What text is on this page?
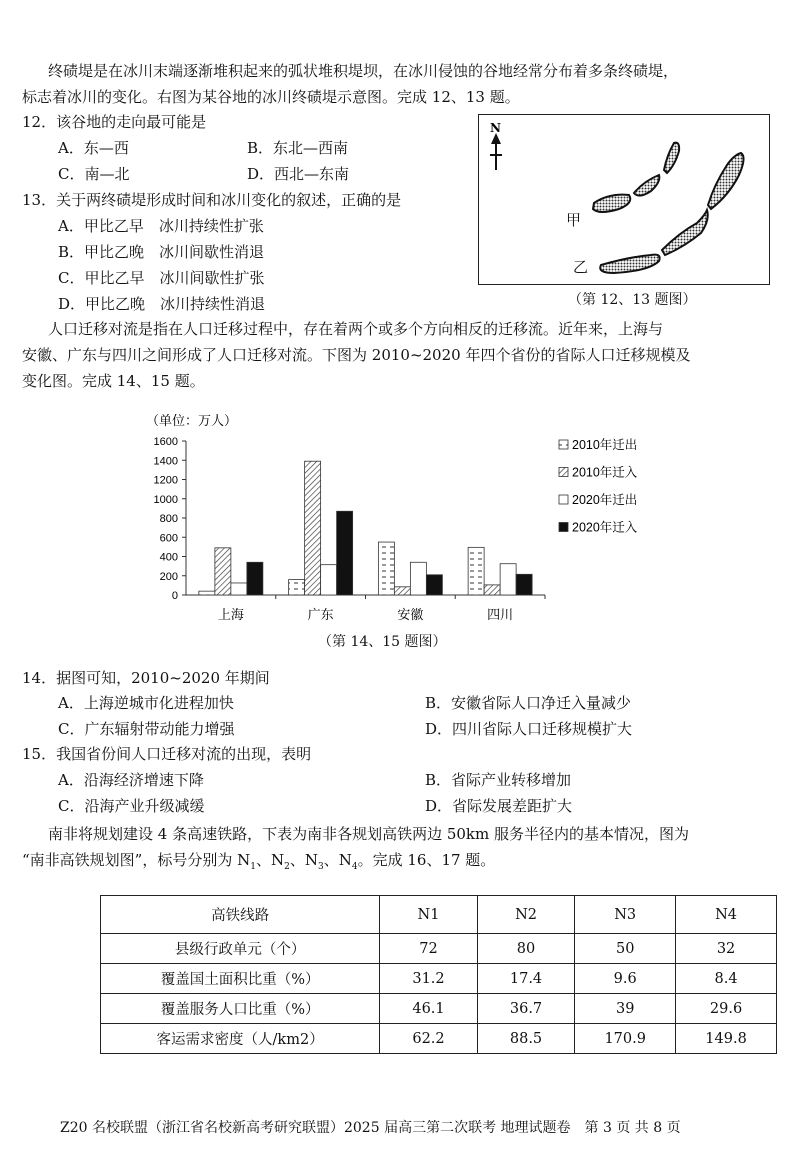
终碛堤是在冰川末端逐渐堆积起来的弧状堆积堤坝，在冰川侵蚀的谷地经常分布着多条终碛堤，
标志着冰川的变化。右图为某谷地的冰川终碛堤示意图。完成 12、13 题。
12．该谷地的走向最可能是
A．东—西	B．东北—西南
C．南—北	D．西北—东南
13．关于两终碛堤形成时间和冰川变化的叙述，正确的是
A．甲比乙早　冰川持续性扩张
B．甲比乙晚　冰川间歇性消退
C．甲比乙早　冰川间歇性扩张
D．甲比乙晚　冰川持续性消退
N
甲
乙
（第 12、13 题图）
人口迁移对流是指在人口迁移过程中，存在着两个或多个方向相反的迁移流。近年来，上海与
安徽、广东与四川之间形成了人口迁移对流。下图为 2010~2020 年四个省份的省际人口迁移规模及
变化图。完成 14、15 题。
（单位：万人）
0
200
400
600
800
1000
1200
1400
1600
上海	广东	安徽	四川
2010年迁出
2010年迁入
2020年迁出
2020年迁入
（第 14、15 题图）
14．据图可知，2010~2020 年期间
A．上海逆城市化进程加快	B．安徽省际人口净迁入量减少
C．广东辐射带动能力增强	D．四川省际人口迁移规模扩大
15．我国省份间人口迁移对流的出现，表明
A．沿海经济增速下降	B．省际产业转移增加
C．沿海产业升级减缓	D．省际发展差距扩大
南非将规划建设 4 条高速铁路，下表为南非各规划高铁两边 50km 服务半径内的基本情况，图为
“南非高铁规划图”，标号分别为 $N_1$、$N_2$、$N_3$、$N_4$。完成 16、17 题。
高铁线路	N1	N2	N3	N4
县级行政单元（个）	72	80	50	32
覆盖国土面积比重（%）	31.2	17.4	9.6	8.4
覆盖服务人口比重（%）	46.1	36.7	39	29.6
客运需求密度（人/km2）	62.2	88.5	170.9	149.8
Z20 名校联盟（浙江省名校新高考研究联盟）2025 届高三第二次联考 地理试题卷　第 3 页 共 8 页
